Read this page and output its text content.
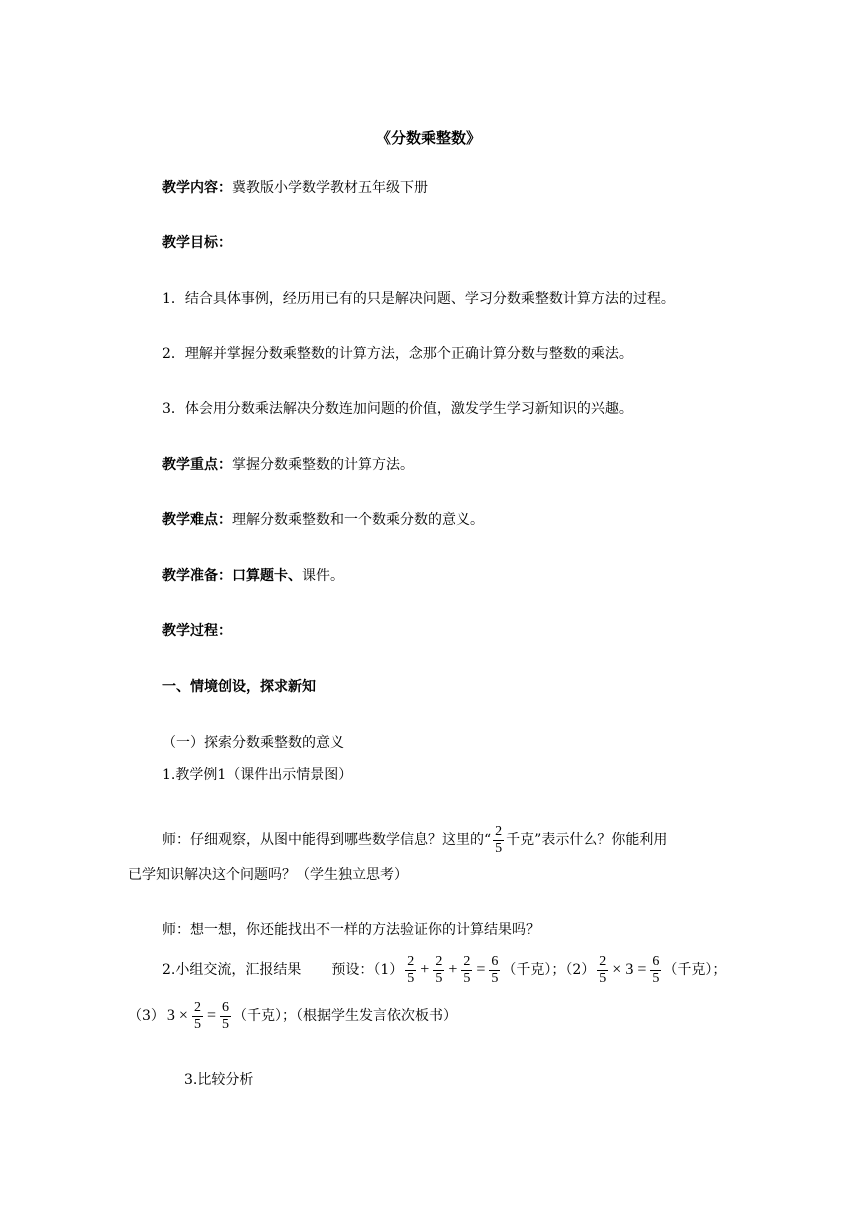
《分数乘整数》
教学内容：冀教版小学数学教材五年级下册
教学目标：
1．结合具体事例，经历用已有的只是解决问题、学习分数乘整数计算方法的过程。
2．理解并掌握分数乘整数的计算方法，念那个正确计算分数与整数的乘法。
3．体会用分数乘法解决分数连加问题的价值，激发学生学习新知识的兴趣。
教学重点：掌握分数乘整数的计算方法。
教学难点：理解分数乘整数和一个数乘分数的意义。
教学准备：口算题卡、课件。
教学过程：
一、情境创设，探求新知
（一）探索分数乘整数的意义
1.教学例1（课件出示情景图）
师：仔细观察，从图中能得到哪些数学信息？这里的“ $\frac{2}{5}$ 千克”表示什么？你能利用
已学知识解决这个问题吗？（学生独立思考）
师：想一想，你还能找出不一样的方法验证你的计算结果吗？
2.小组交流，汇报结果 预设：$(1) \frac{2}{5} + \frac{2}{5} + \frac{2}{5} = \frac{6}{5}$ （千克）；$(2) \frac{2}{5} \times 3 = \frac{6}{5}$ （千克）；
（3） $3 \times \frac{2}{5} = \frac{6}{5}$ （千克）；（根据学生发言依次板书）
3.比较分析
